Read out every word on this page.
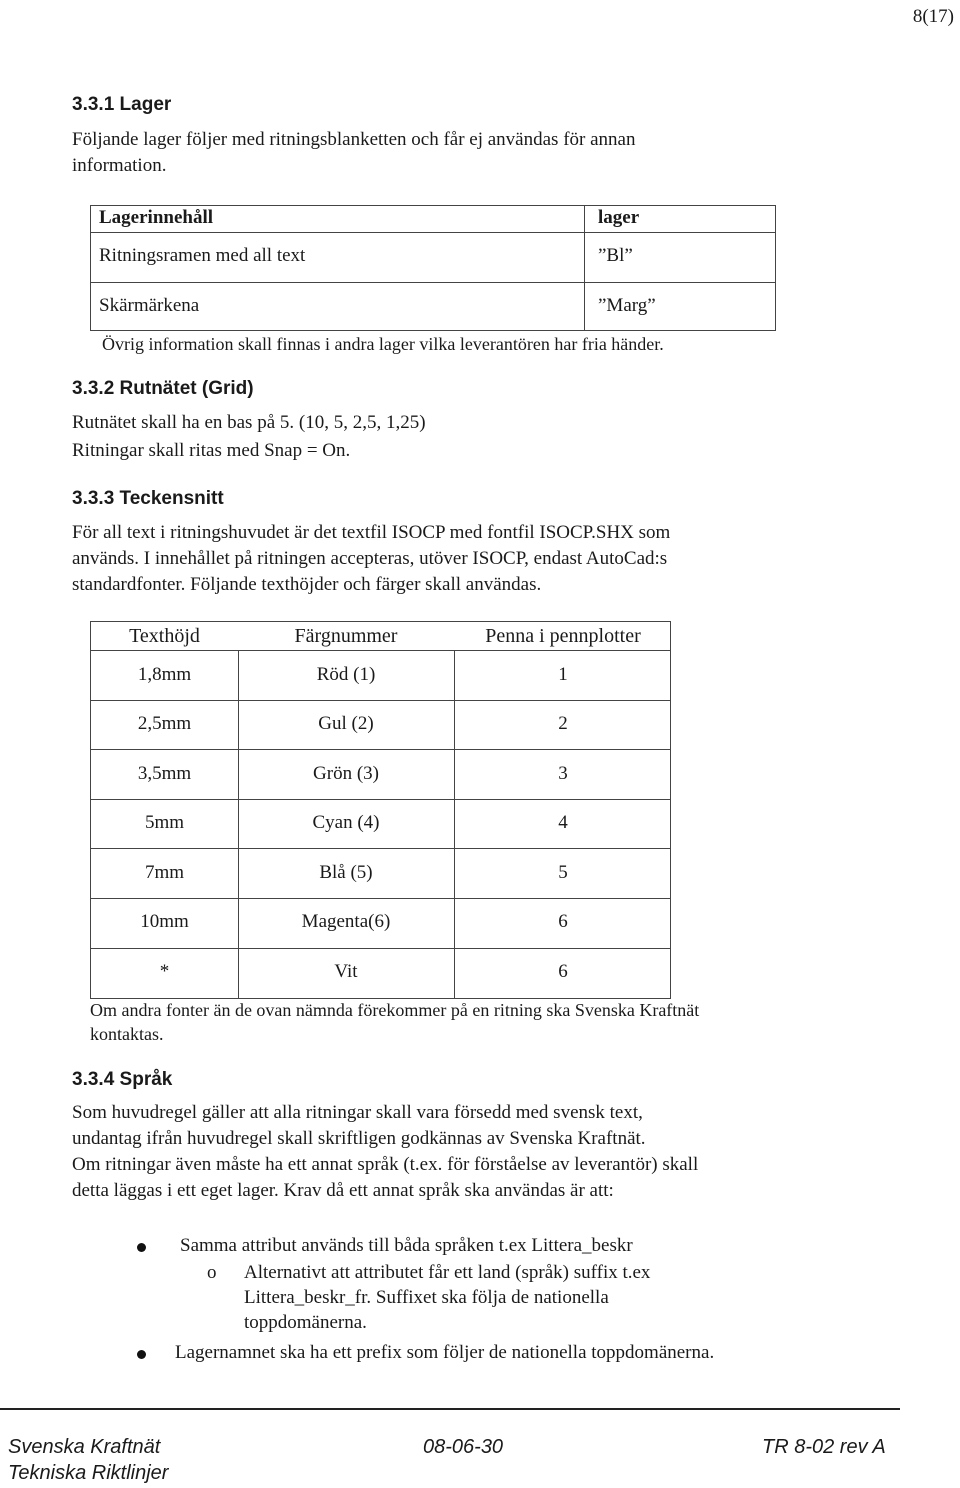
8(17)
3.3.1 Lager
Följande lager följer med ritningsblanketten och får ej användas för annan
information.
Lagerinnehåll	lager
Ritningsramen med all text	”Bl”
Skärmärkena	”Marg”
Övrig information skall finnas i andra lager vilka leverantören har fria händer.
3.3.2 Rutnätet (Grid)
Rutnätet skall ha en bas på 5. (10, 5, 2,5, 1,25)
Ritningar skall ritas med Snap = On.
3.3.3 Teckensnitt
För all text i ritningshuvudet är det textfil ISOCP med fontfil ISOCP.SHX som
används. I innehållet på ritningen accepteras, utöver ISOCP, endast AutoCad:s
standardfonter. Följande texthöjder och färger skall användas.
Texthöjd	Färgnummer	Penna i pennplotter
1,8mm	Röd (1)	1
2,5mm	Gul (2)	2
3,5mm	Grön (3)	3
5mm	Cyan (4)	4
7mm	Blå (5)	5
10mm	Magenta(6)	6
*	Vit	6
Om andra fonter än de ovan nämnda förekommer på en ritning ska Svenska Kraftnät
kontaktas.
3.3.4 Språk
Som huvudregel gäller att alla ritningar skall vara försedd med svensk text,
undantag ifrån huvudregel skall skriftligen godkännas av Svenska Kraftnät.
Om ritningar även måste ha ett annat språk (t.ex. för förståelse av leverantör) skall
detta läggas i ett eget lager. Krav då ett annat språk ska användas är att:
Samma attribut används till båda språken t.ex Littera_beskr
o Alternativt att attributet får ett land (språk) suffix t.ex
Littera_beskr_fr. Suffixet ska följa de nationella
toppdomänerna.
Lagernamnet ska ha ett prefix som följer de nationella toppdomänerna.
Svenska Kraftnät
Tekniska Riktlinjer
08-06-30	TR 8-02 rev A
